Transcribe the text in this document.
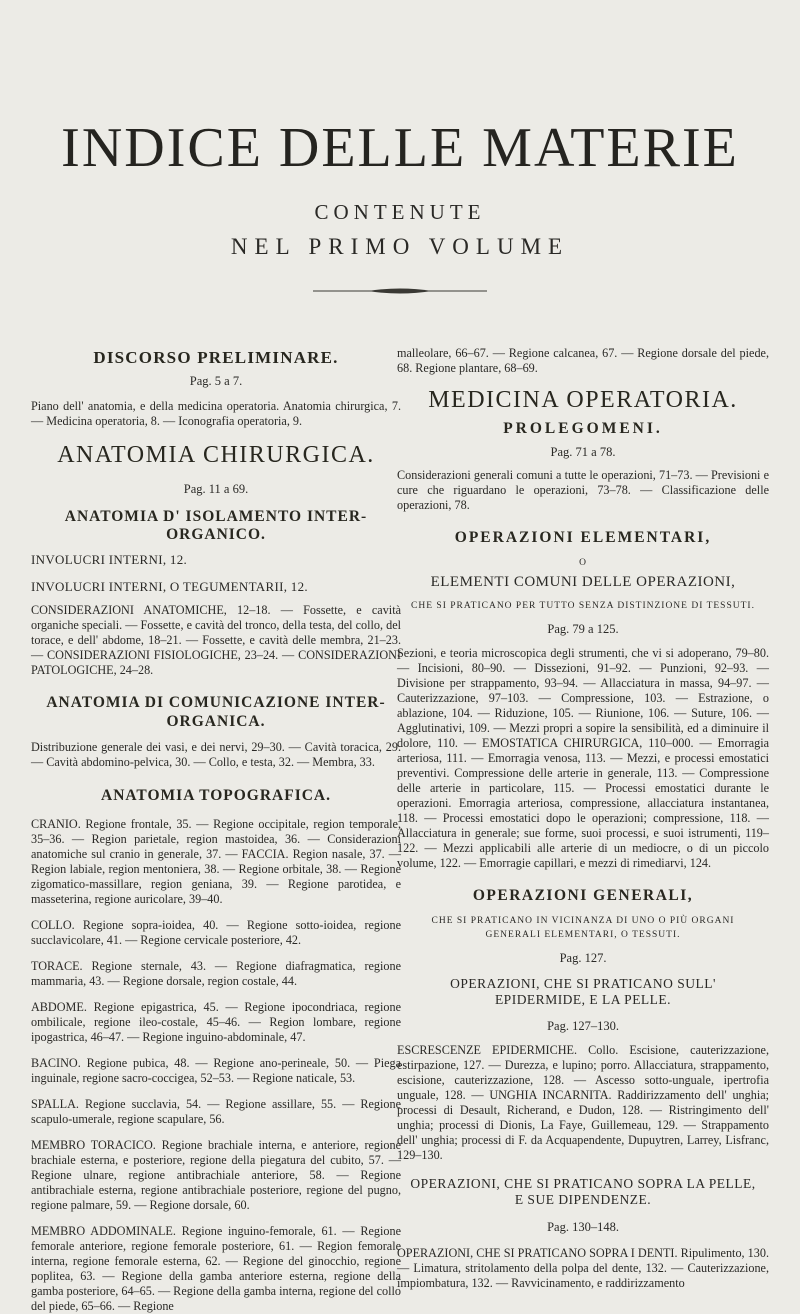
INDICE DELLE MATERIE
CONTENUTE
NEL PRIMO VOLUME
DISCORSO PRELIMINARE.
Pag. 5 a 7.

Piano dell' anatomia, e della medicina operatoria. Anatomia chirurgica, 7. — Medicina operatoria, 8. — Iconografia operatoria, 9.

ANATOMIA CHIRURGICA.
Pag. 11 a 69.
ANATOMIA D' ISOLAMENTO INTER- ORGANICO.

INVOLUCRI INTERNI, 12.

INVOLUCRI INTERNI, O TEGUMENTARII, 12.

CONSIDERAZIONI ANATOMICHE, 12–18. — Fossette, e cavità organiche speciali. — Fossette, e cavità del tronco, della testa, del collo, del torace, e dell' abdome, 18–21. — Fossette, e cavità delle membra, 21–23. — CONSIDERAZIONI FISIOLOGICHE, 23–24. — CONSIDERAZIONI PATOLOGICHE, 24–28.

ANATOMIA DI COMUNICAZIONE INTER- ORGANICA.

Distribuzione generale dei vasi, e dei nervi, 29–30. — Cavità toracica, 29. — Cavità abdomino-pelvica, 30. — Collo, e testa, 32. — Membra, 33.

ANATOMIA TOPOGRAFICA.

CRANIO. Regione frontale, 35. — Regione occipitale, region temporale, 35–36. — Region parietale, region mastoidea, 36. — Considerazioni anatomiche sul cranio in generale, 37. — FACCIA. Region nasale, 37. — Region labiale, region mentoniera, 38. — Regione orbitale, 38. — Regione zigomatico-massillare, region geniana, 39. — Regione parotidea, e masseterina, regione auricolare, 39–40.

COLLO. Regione sopra-ioidea, 40. — Regione sotto-ioidea, regione succlavicolare, 41. — Regione cervicale posteriore, 42.

TORACE. Regione sternale, 43. — Regione diafragmatica, regione mammaria, 43. — Regione dorsale, region costale, 44.

ABDOME. Regione epigastrica, 45. — Regione ipocondriaca, regione ombilicale, regione ileo-costale, 45–46. — Region lombare, regione ipogastrica, 46–47. — Regione inguino-abdominale, 47.

BACINO. Regione pubica, 48. — Regione ano-perineale, 50. — Piega inguinale, regione sacro-coccigea, 52–53. — Regione naticale, 53.

SPALLA. Regione succlavia, 54. — Regione assillare, 55. — Regione scapulo-umerale, regione scapulare, 56.

MEMBRO TORACICO. Regione brachiale interna, e anteriore, regione brachiale esterna, e posteriore, regione della piegatura del cubito, 57. — Regione ulnare, regione antibrachiale anteriore, 58. — Regione antibrachiale esterna, regione antibrachiale posteriore, regione del pugno, regione palmare, 59. — Regione dorsale, 60.

MEMBRO ADDOMINALE. Regione inguino-femorale, 61. — Regione femorale anteriore, regione femorale posteriore, 61. — Region femorale interna, regione femorale esterna, 62. — Regione del ginocchio, regione poplitea, 63. — Regione della gamba anteriore esterna, regione della gamba posteriore, 64–65. — Regione della gamba interna, regione del collo del piede, 65–66. — Regione

malleolare, 66–67. — Regione calcanea, 67. — Regione dorsale del piede, 68. Regione plantare, 68–69.

MEDICINA OPERATORIA.
PROLEGOMENI.
Pag. 71 a 78.

Considerazioni generali comuni a tutte le operazioni, 71–73. — Previsioni e cure che riguardano le operazioni, 73–78. — Classificazione delle operazioni, 78.

OPERAZIONI ELEMENTARI,
O
ELEMENTI COMUNI DELLE OPERAZIONI,
CHE SI PRATICANO PER TUTTO SENZA DISTINZIONE DI TESSUTI.
Pag. 79 a 125.

Sezioni, e teoria microscopica degli strumenti, che vi si adoperano, 79–80. — Incisioni, 80–90. — Dissezioni, 91–92. — Punzioni, 92–93. — Divisione per strappamento, 93–94. — Allacciatura in massa, 94–97. — Cauterizzazione, 97–103. — Compressione, 103. — Estrazione, o ablazione, 104. — Riduzione, 105. — Riunione, 106. — Suture, 106. — Agglutinativi, 109. — Mezzi propri a sopire la sensibilità, ed a diminuire il dolore, 110. — EMOSTATICA CHIRURGICA, 110–000. — Emorragia arteriosa, 111. — Emorragia venosa, 113. — Mezzi, e processi emostatici preventivi. Compressione delle arterie in generale, 113. — Compressione delle arterie in particolare, 115. — Processi emostatici durante le operazioni. Emorragia arteriosa, compressione, allacciatura instantanea, 118. — Processi emostatici dopo le operazioni; compressione, 118. — Allacciatura in generale; sue forme, suoi processi, e suoi istrumenti, 119–122. — Mezzi applicabili alle arterie di un mediocre, o di un piccolo volume, 122. — Emorragie capillari, e mezzi di rimediarvi, 124.

OPERAZIONI GENERALI,
CHE SI PRATICANO IN VICINANZA DI UNO O PIÙ ORGANI GENERALI ELEMENTARI, O TESSUTI.
Pag. 127.
OPERAZIONI, CHE SI PRATICANO SULL' EPIDERMIDE, E LA PELLE.
Pag. 127–130.

ESCRESCENZE EPIDERMICHE. Collo. Escisione, cauterizzazione, estirpazione, 127. — Durezza, e lupino; porro. Allacciatura, strappamento, escisione, cauterizzazione, 128. — Ascesso sotto-unguale, ipertrofia unguale, 128. — UNGHIA INCARNITA. Raddirizzamento dell' unghia; processi di Desault, Richerand, e Dudon, 128. — Ristringimento dell' unghia; processi di Dionis, La Faye, Guillemeau, 129. — Strappamento dell' unghia; processi di F. da Acquapendente, Dupuytren, Larrey, Lisfranc, 129–130.

OPERAZIONI, CHE SI PRATICANO SOPRA LA PELLE, E SUE DIPENDENZE.
Pag. 130–148.

OPERAZIONI, CHE SI PRATICANO SOPRA I DENTI. Ripulimento, 130. — Limatura, stritolamento della polpa del dente, 132. — Cauterizzazione, impiombatura, 132. — Ravvicinamento, e raddirizzamento
